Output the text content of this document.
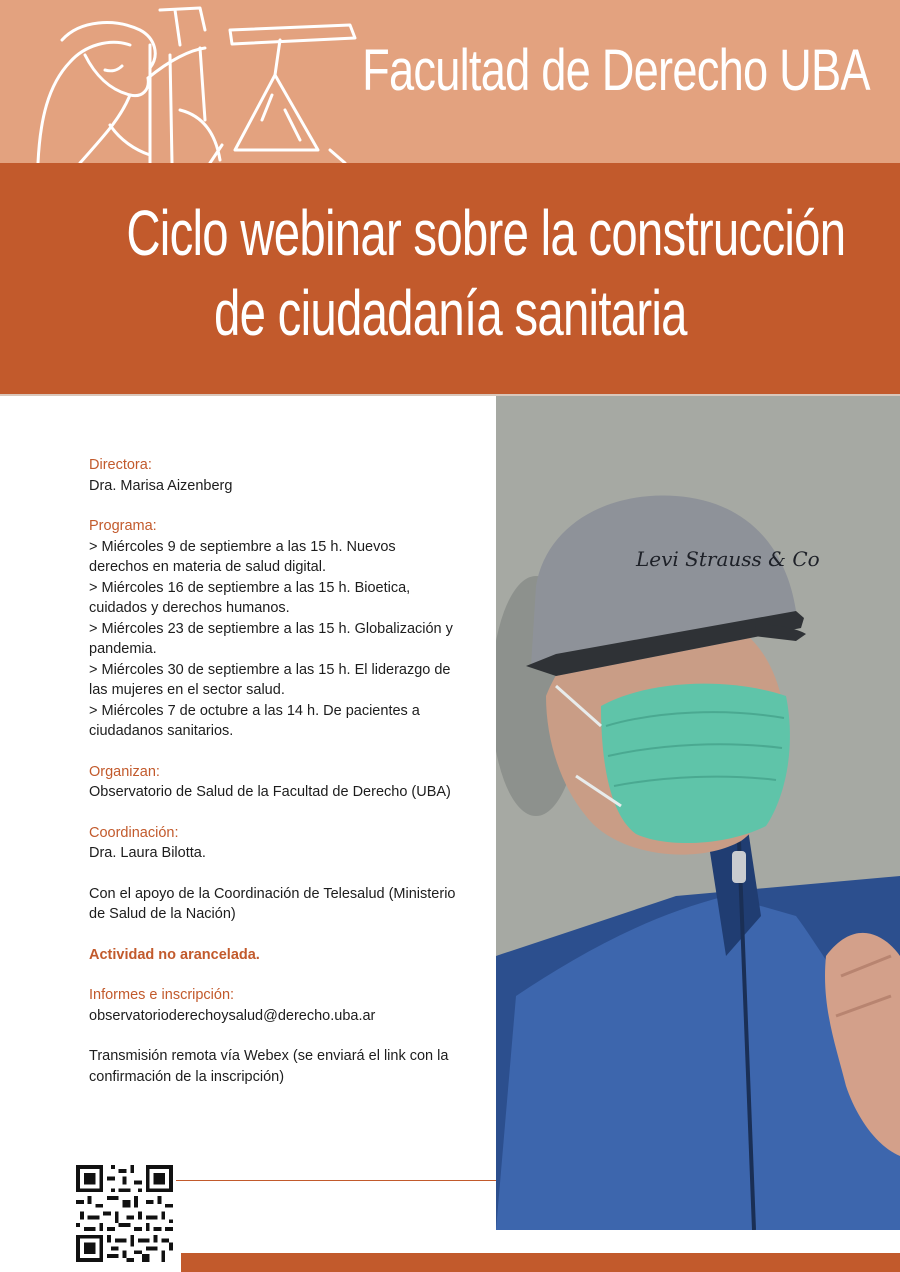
Facultad de Derecho UBA
Ciclo webinar sobre la construcción
de ciudadanía sanitaria
Levi Strauss & Co
Directora:
Dra. Marisa Aizenberg
Programa:
> Miércoles 9 de septiembre a las 15 h. Nuevos derechos en materia de salud digital.
> Miércoles 16 de septiembre a las 15 h. Bioetica, cuidados y derechos humanos.
> Miércoles 23 de septiembre a las 15 h. Globalización y pandemia.
> Miércoles 30 de septiembre a las 15 h. El liderazgo de las mujeres en el sector salud.
> Miércoles 7 de octubre a las 14 h. De pacientes a ciudadanos sanitarios.
Organizan:
Observatorio de Salud de la Facultad de Derecho (UBA)
Coordinación:
Dra. Laura Bilotta.
Con el apoyo de la Coordinación de Telesalud (Ministerio de Salud de la Nación)
Actividad no arancelada.
Informes e inscripción:
observatorioderechoysalud@derecho.uba.ar
Transmisión remota vía Webex (se enviará el link con la confirmación de la inscripción)
